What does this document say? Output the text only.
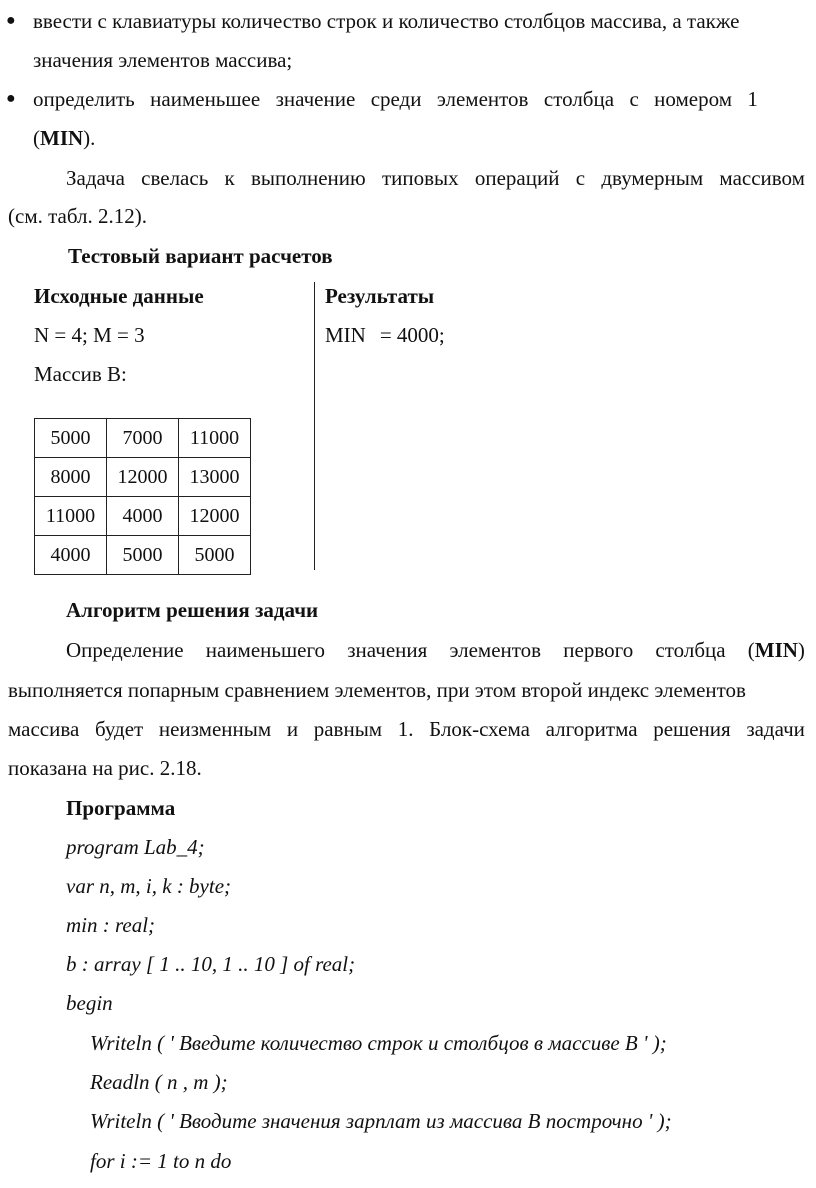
● ввести с клавиатуры количество строк и количество столбцов массива, а также
значения элементов массива;
● определить наименьшее значение среди элементов столбца с номером 1
(MIN).
Задача свелась к выполнению типовых операций с двумерным массивом
(см. табл. 2.12).
Тестовый вариант расчетов
Исходные данные
N = 4; M = 3
Массив B:
5000	7000	11000
8000	12000	13000
11000	4000	12000
4000	5000	5000
Результаты
MIN = 4000;
Алгоритм решения задачи
Определение наименьшего значения элементов первого столбца (MIN)
выполняется попарным сравнением элементов, при этом второй индекс элементов
массива будет неизменным и равным 1. Блок-схема алгоритма решения задачи
показана на рис. 2.18.
Программа
program Lab_4;
var n, m, i, k : byte;
min : real;
b : array [ 1 .. 10, 1 .. 10 ] of real;
begin
Writeln ( ' Введите количество строк и столбцов в массиве B ' );
Readln ( n , m );
Writeln ( ' Вводите значения зарплат из массива B построчно ' );
for i := 1 to n do
